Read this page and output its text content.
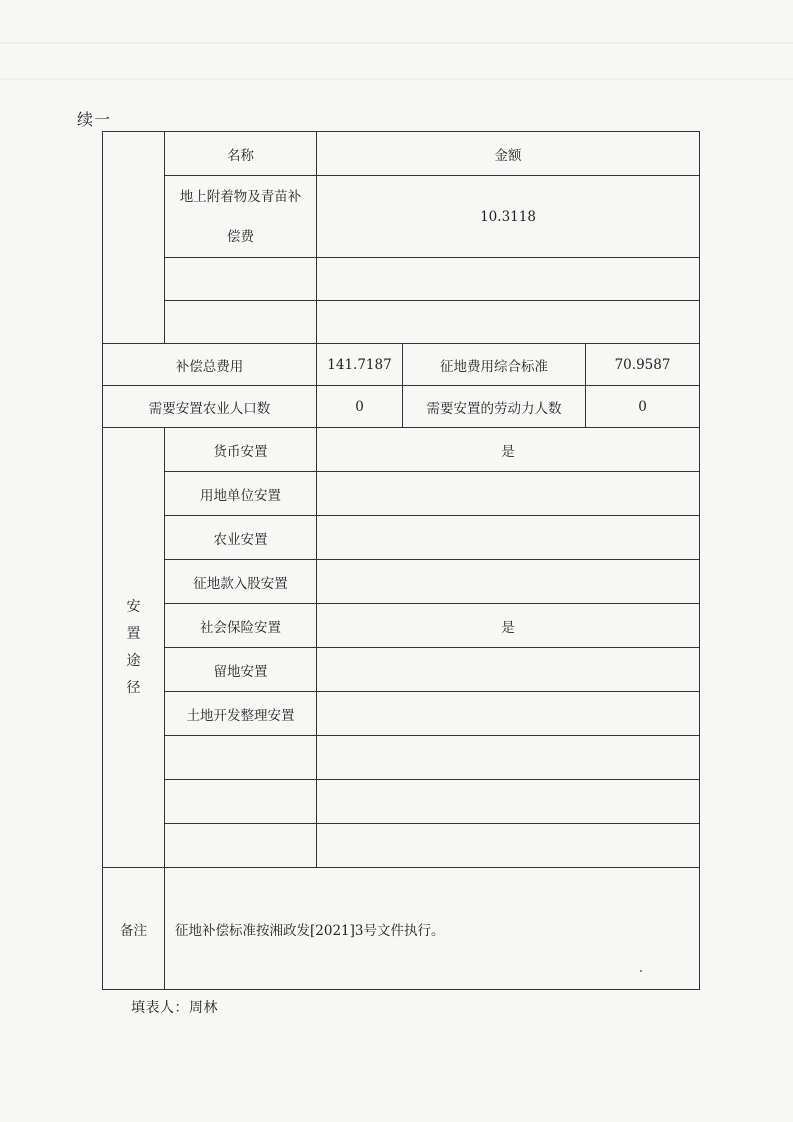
续一
	名称	金额		
	地上附着物及青苗补
偿费	10.3118		

补偿总费用		141.7187	征地费用综合标准	70.9587
需要安置农业人口数		0	需要安置的劳动力人数	0

安
置
途
径	货币安置	是		
	用地单位安置			
	农业安置			
	征地款入股安置			
	社会保险安置	是		
	留地安置			
	土地开发整理安置			

备注	征地补偿标准按湘政发[2021]3号文件执行。			
填表人：周林
